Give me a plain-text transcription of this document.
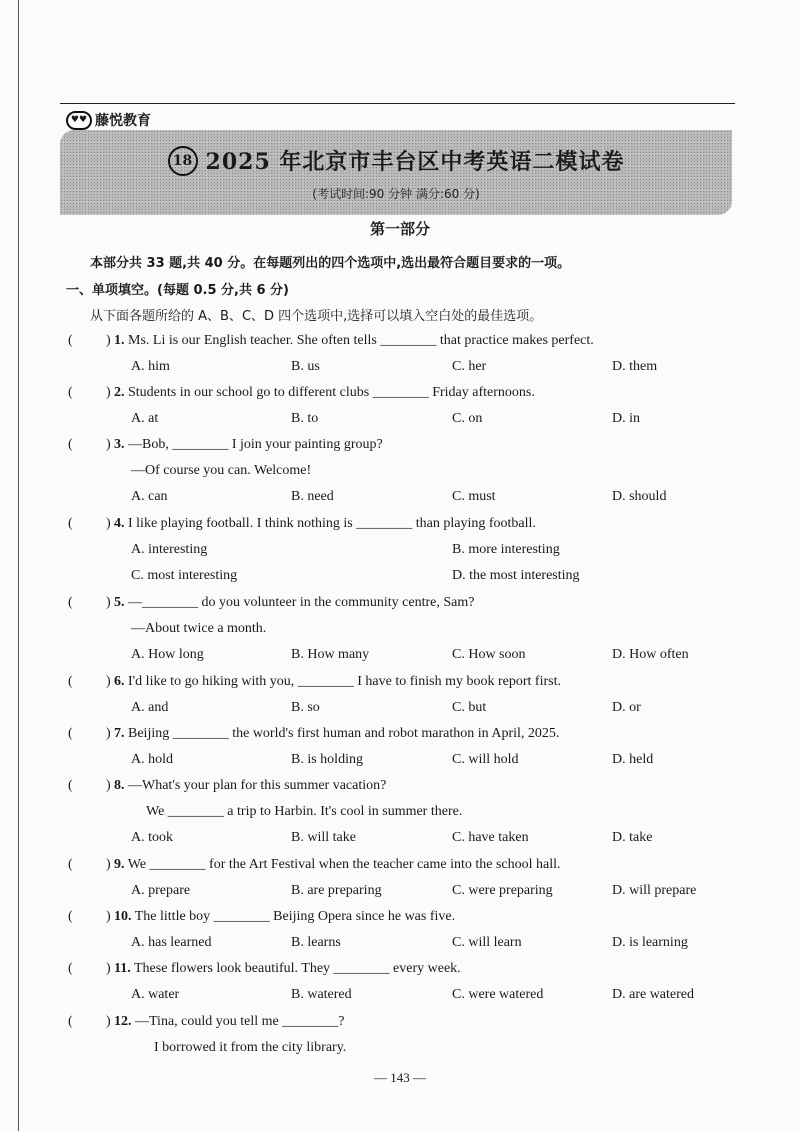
♥♥ 藤悦教育
18 2025 年北京市丰台区中考英语二模试卷
(考试时间:90 分钟 满分:60 分)
第一部分
本部分共 33 题,共 40 分。在每题列出的四个选项中,选出最符合题目要求的一项。
一、单项填空。(每题 0.5 分,共 6 分)
从下面各题所给的 A、B、C、D 四个选项中,选择可以填入空白处的最佳选项。
( ) 1. Ms. Li is our English teacher. She often tells ________ that practice makes perfect.
A. him	B. us	C. her	D. them
( ) 2. Students in our school go to different clubs ________ Friday afternoons.
A. at	B. to	C. on	D. in
( ) 3. —Bob, ________ I join your painting group?
—Of course you can. Welcome!
A. can	B. need	C. must	D. should
( ) 4. I like playing football. I think nothing is ________ than playing football.
A. interesting	B. more interesting
C. most interesting	D. the most interesting
( ) 5. —________ do you volunteer in the community centre, Sam?
—About twice a month.
A. How long	B. How many	C. How soon	D. How often
( ) 6. I'd like to go hiking with you, ________ I have to finish my book report first.
A. and	B. so	C. but	D. or
( ) 7. Beijing ________ the world's first human and robot marathon in April, 2025.
A. hold	B. is holding	C. will hold	D. held
( ) 8. —What's your plan for this summer vacation?
We ________ a trip to Harbin. It's cool in summer there.
A. took	B. will take	C. have taken	D. take
( ) 9. We ________ for the Art Festival when the teacher came into the school hall.
A. prepare	B. are preparing	C. were preparing	D. will prepare
( ) 10. The little boy ________ Beijing Opera since he was five.
A. has learned	B. learns	C. will learn	D. is learning
( ) 11. These flowers look beautiful. They ________ every week.
A. water	B. watered	C. were watered	D. are watered
( ) 12. —Tina, could you tell me ________?
I borrowed it from the city library.
— 143 —
